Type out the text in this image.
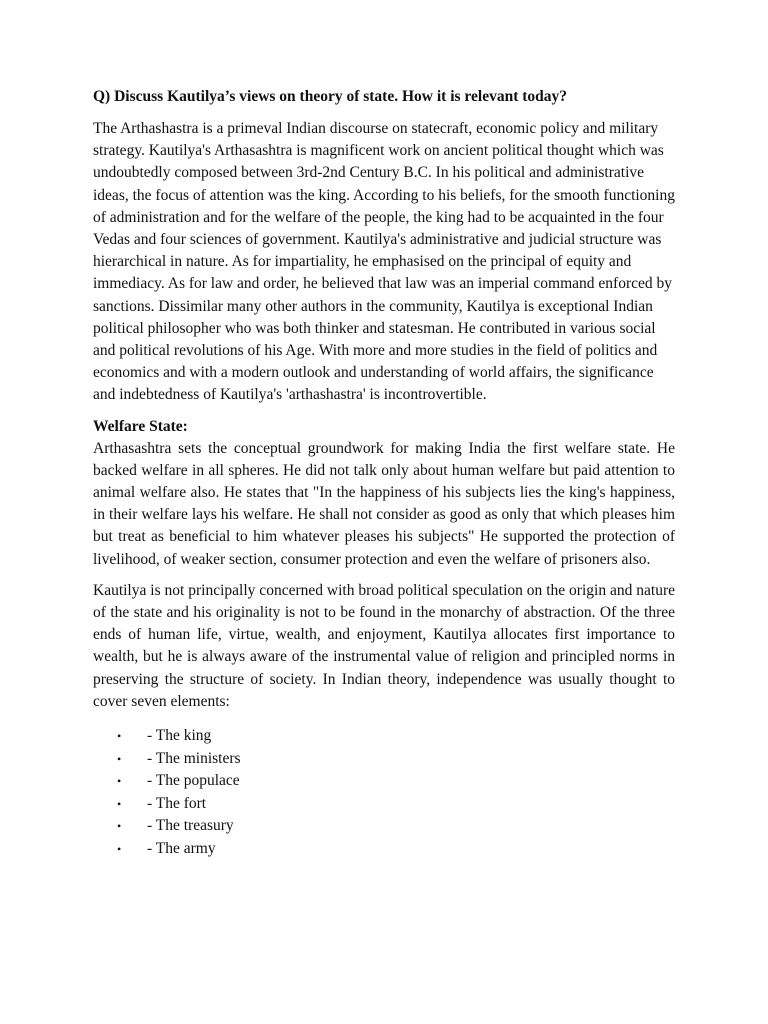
Q) Discuss Kautilya’s views on theory of state. How it is relevant today?

The Arthashastra is a primeval Indian discourse on statecraft, economic policy and military strategy. Kautilya's Arthasashtra is magnificent work on ancient political thought which was undoubtedly composed between 3rd-2nd Century B.C. In his political and administrative ideas, the focus of attention was the king. According to his beliefs, for the smooth functioning of administration and for the welfare of the people, the king had to be acquainted in the four Vedas and four sciences of government. Kautilya's administrative and judicial structure was hierarchical in nature. As for impartiality, he emphasised on the principal of equity and immediacy. As for law and order, he believed that law was an imperial command enforced by sanctions. Dissimilar many other authors in the community, Kautilya is exceptional Indian political philosopher who was both thinker and statesman. He contributed in various social and political revolutions of his Age. With more and more studies in the field of politics and economics and with a modern outlook and understanding of world affairs, the significance and indebtedness of Kautilya's 'arthashastra' is incontrovertible.

Welfare State:

Arthasashtra sets the conceptual groundwork for making India the first welfare state. He backed welfare in all spheres. He did not talk only about human welfare but paid attention to animal welfare also. He states that "In the happiness of his subjects lies the king's happiness, in their welfare lays his welfare. He shall not consider as good as only that which pleases him but treat as beneficial to him whatever pleases his subjects" He supported the protection of livelihood, of weaker section, consumer protection and even the welfare of prisoners also.

Kautilya is not principally concerned with broad political speculation on the origin and nature of the state and his originality is not to be found in the monarchy of abstraction. Of the three ends of human life, virtue, wealth, and enjoyment, Kautilya allocates first importance to wealth, but he is always aware of the instrumental value of religion and principled norms in preserving the structure of society. In Indian theory, independence was usually thought to cover seven elements:

•	- The king
•	- The ministers
•	- The populace
•	- The fort
•	- The treasury
•	- The army
